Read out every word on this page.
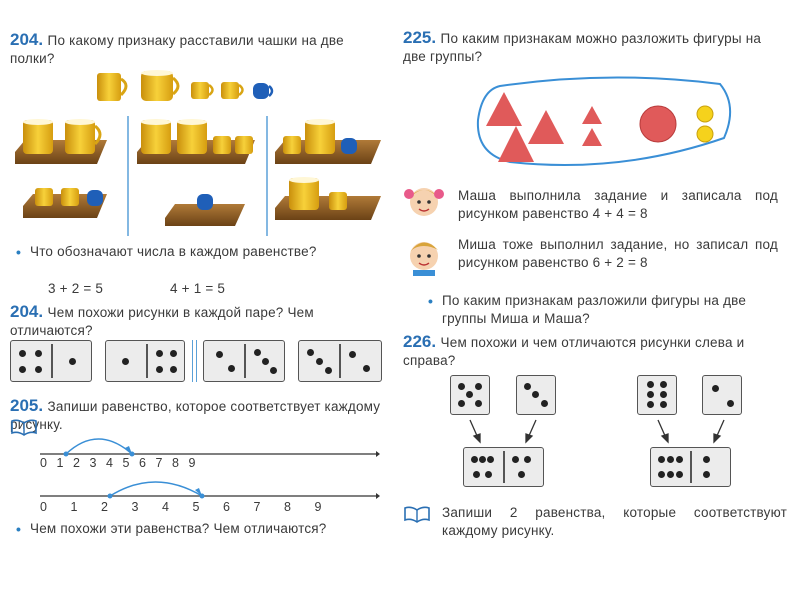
204. По какому признаку расставили чашки на две полки?
• Что обозначают числа в каждом равенстве?
3 + 2 = 5	4 + 1 = 5
204. Чем похожи рисунки в каждой паре? Чем отличаются?
205. Запиши равенство, которое соответствует каждому рисунку.
0 1 2 3 4 5 6 7 8 9
0 1 2 3 4 5 6 7 8 9
• Чем похожи эти равенства? Чем отличаются?
225. По каким признакам можно разложить фигуры на две группы?
Маша выполнила задание и записала под рисунком равенство 4 + 4 = 8
Миша тоже выполнил задание, но записал под рисунком равенство 6 + 2 = 8
• По каким признакам разложили фигуры на две группы Миша и Маша?
226. Чем похожи и чем отличаются рисунки слева и справа?
Запиши 2 равенства, которые соответствуют каждому рисунку.
